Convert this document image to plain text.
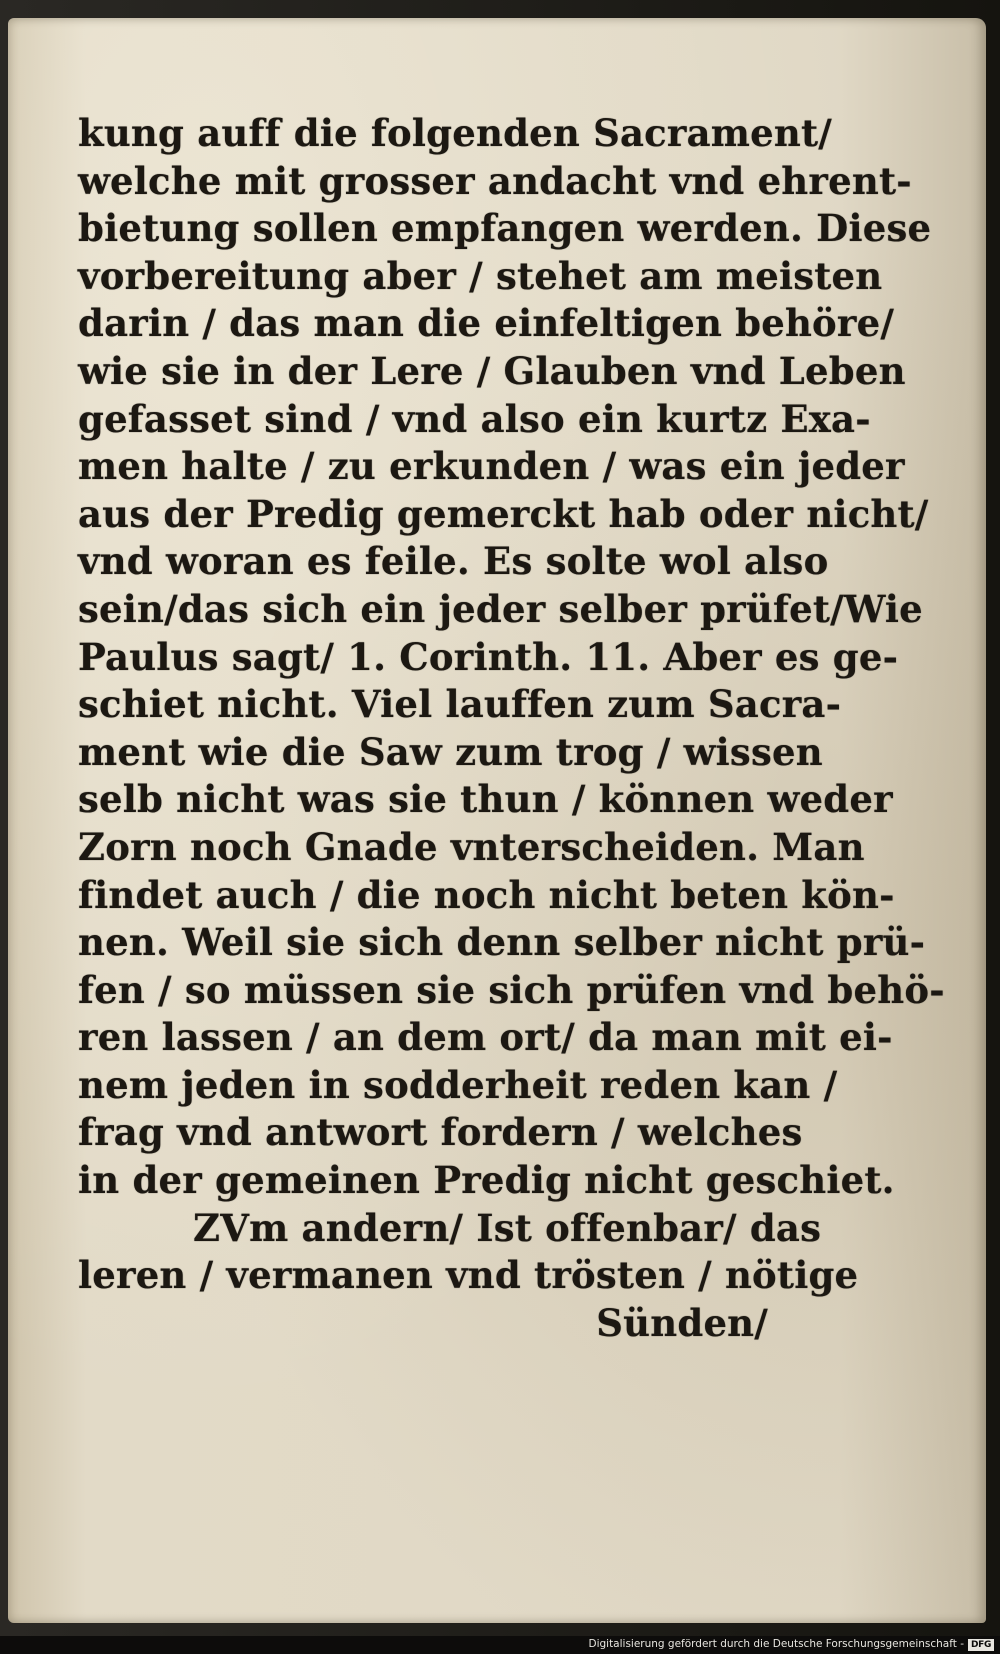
kung auff die folgenden Sacrament/
welche mit grosser andacht vnd ehrent-
bietung sollen empfangen werden. Diese
vorbereitung aber / stehet am meisten
darin / das man die einfeltigen behöre/
wie sie in der Lere / Glauben vnd Leben
gefasset sind / vnd also ein kurtz Exa-
men halte / zu erkunden / was ein jeder
aus der Predig gemerckt hab oder nicht/
vnd woran es feile. Es solte wol also
sein/das sich ein jeder selber prüfet/Wie
Paulus sagt/ 1. Corinth. 11. Aber es ge-
schiet nicht. Viel lauffen zum Sacra-
ment wie die Saw zum trog / wissen
selb nicht was sie thun / können weder
Zorn noch Gnade vnterscheiden. Man
findet auch / die noch nicht beten kön-
nen. Weil sie sich denn selber nicht prü-
fen / so müssen sie sich prüfen vnd behö-
ren lassen / an dem ort/ da man mit ei-
nem jeden in sodderheit reden kan /
frag vnd antwort fordern / welches
in der gemeinen Predig nicht geschiet.
ZVm andern/ Ist offenbar/ das
leren / vermanen vnd trösten / nötige
Sünden/
Digitalisierung gefördert durch die Deutsche Forschungsgemeinschaft - DFG
